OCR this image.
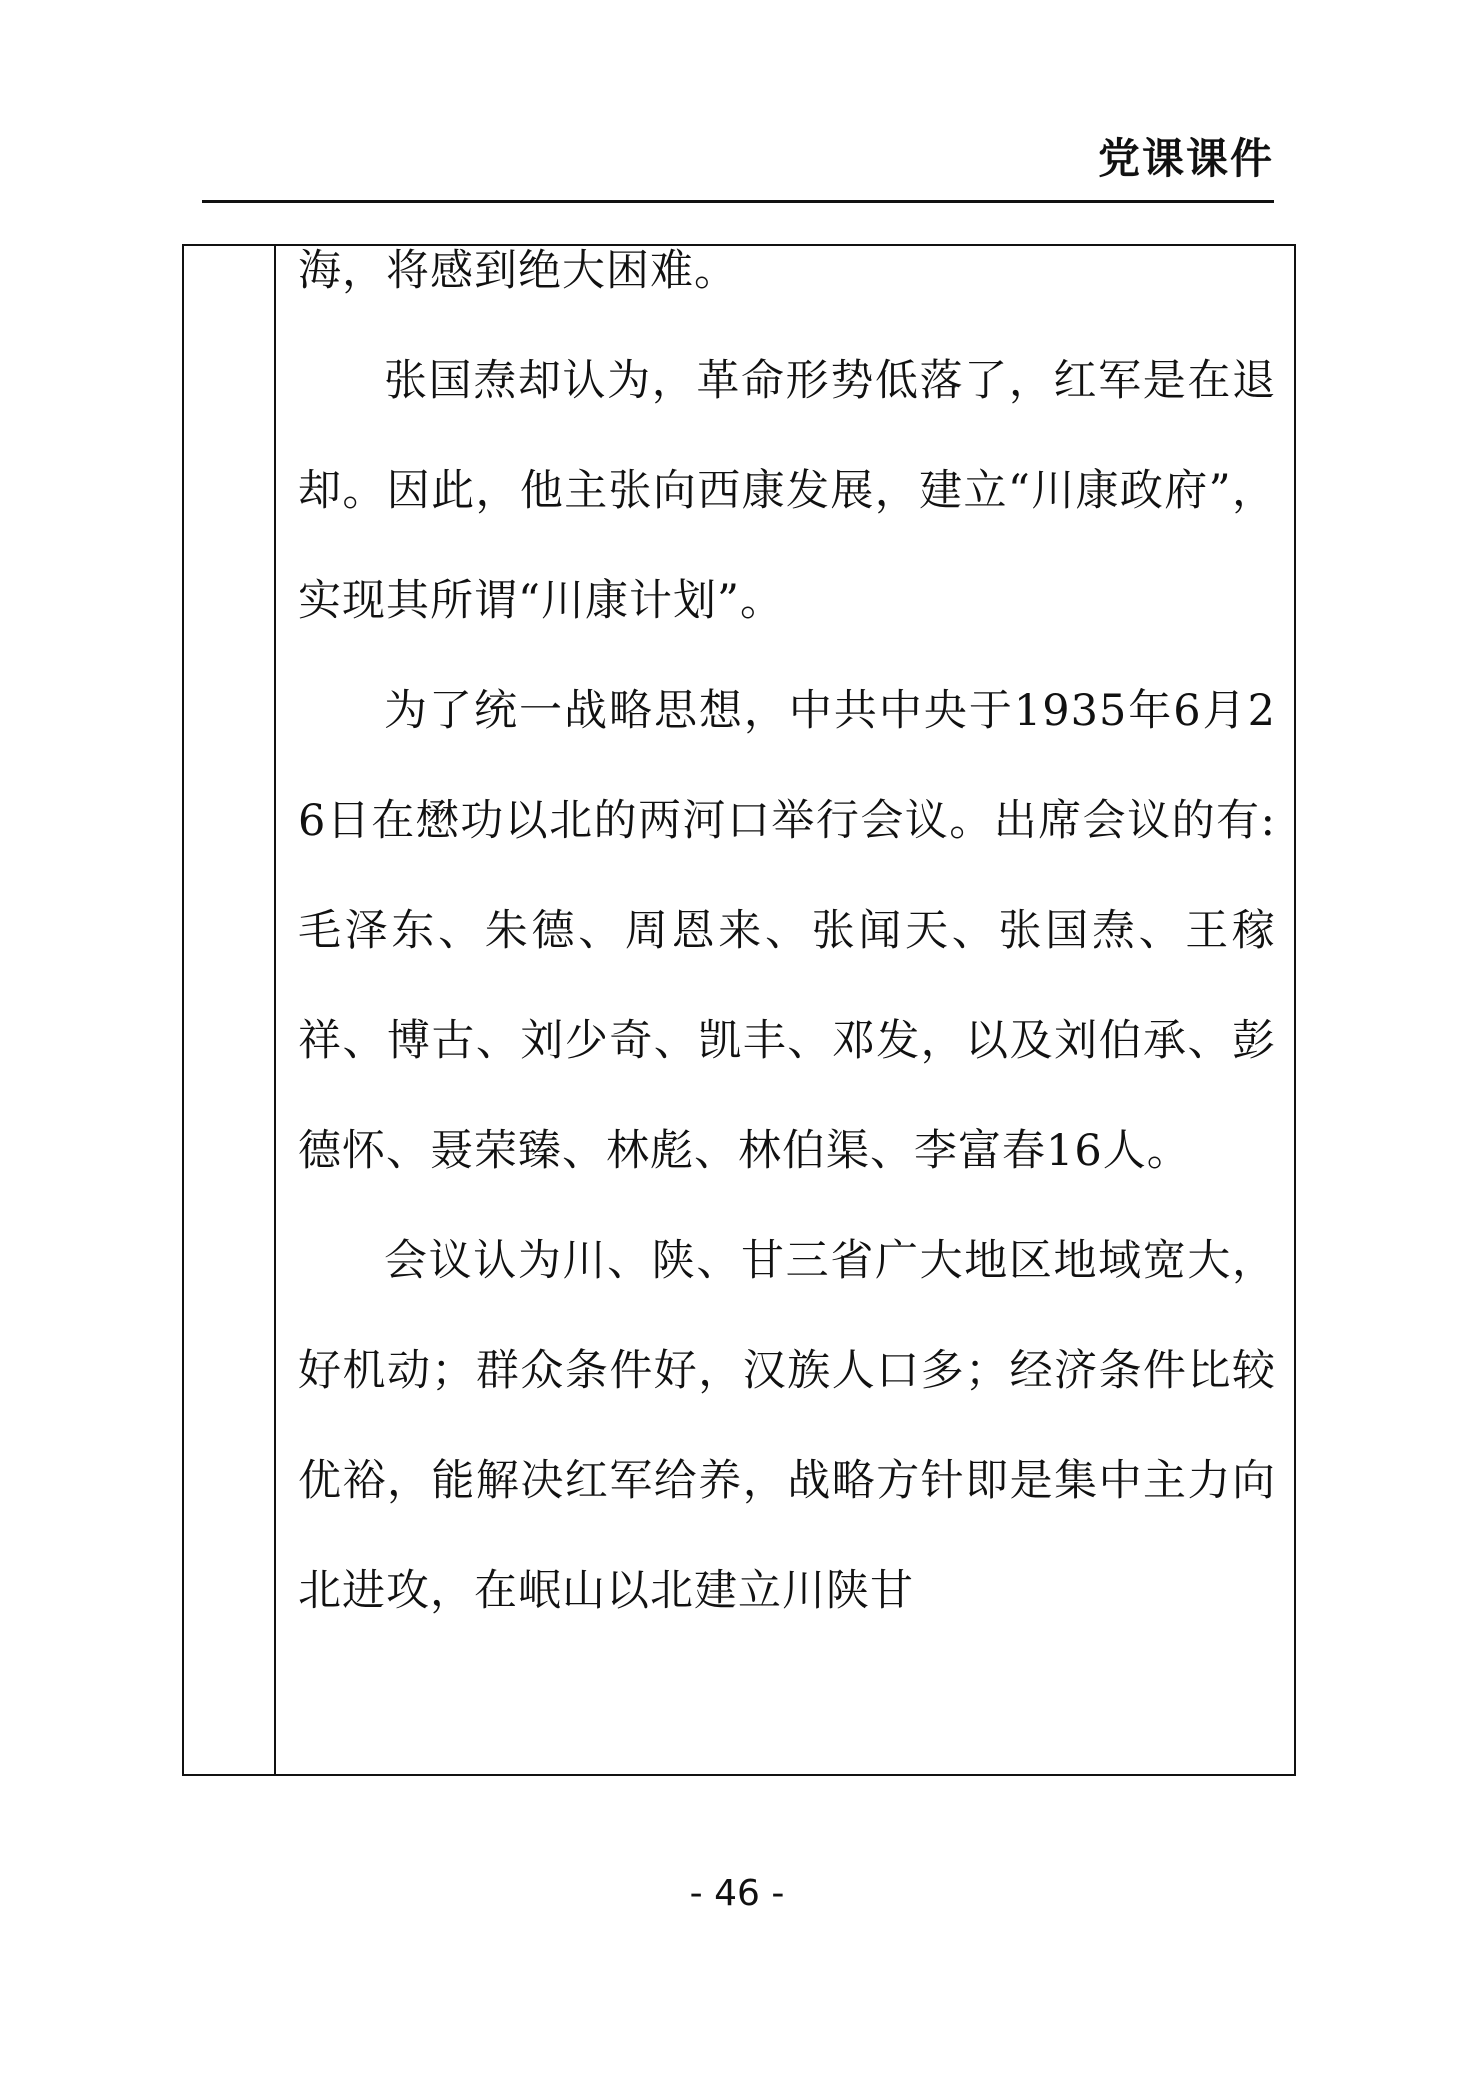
党课课件

海，将感到绝大困难。

张国焘却认为，革命形势低落了，红军是在退却。因此，他主张向西康发展，建立“川康政府”，实现其所谓“川康计划”。

为了统一战略思想，中共中央于1935年6月26日在懋功以北的两河口举行会议。出席会议的有:毛泽东、朱德、周恩来、张闻天、张国焘、王稼祥、博古、刘少奇、凯丰、邓发，以及刘伯承、彭德怀、聂荣臻、林彪、林伯渠、李富春16人。

会议认为川、陕、甘三省广大地区地域宽大，好机动；群众条件好，汉族人口多；经济条件比较优裕，能解决红军给养，战略方针即是集中主力向北进攻，在岷山以北建立川陕甘

- 46 -
